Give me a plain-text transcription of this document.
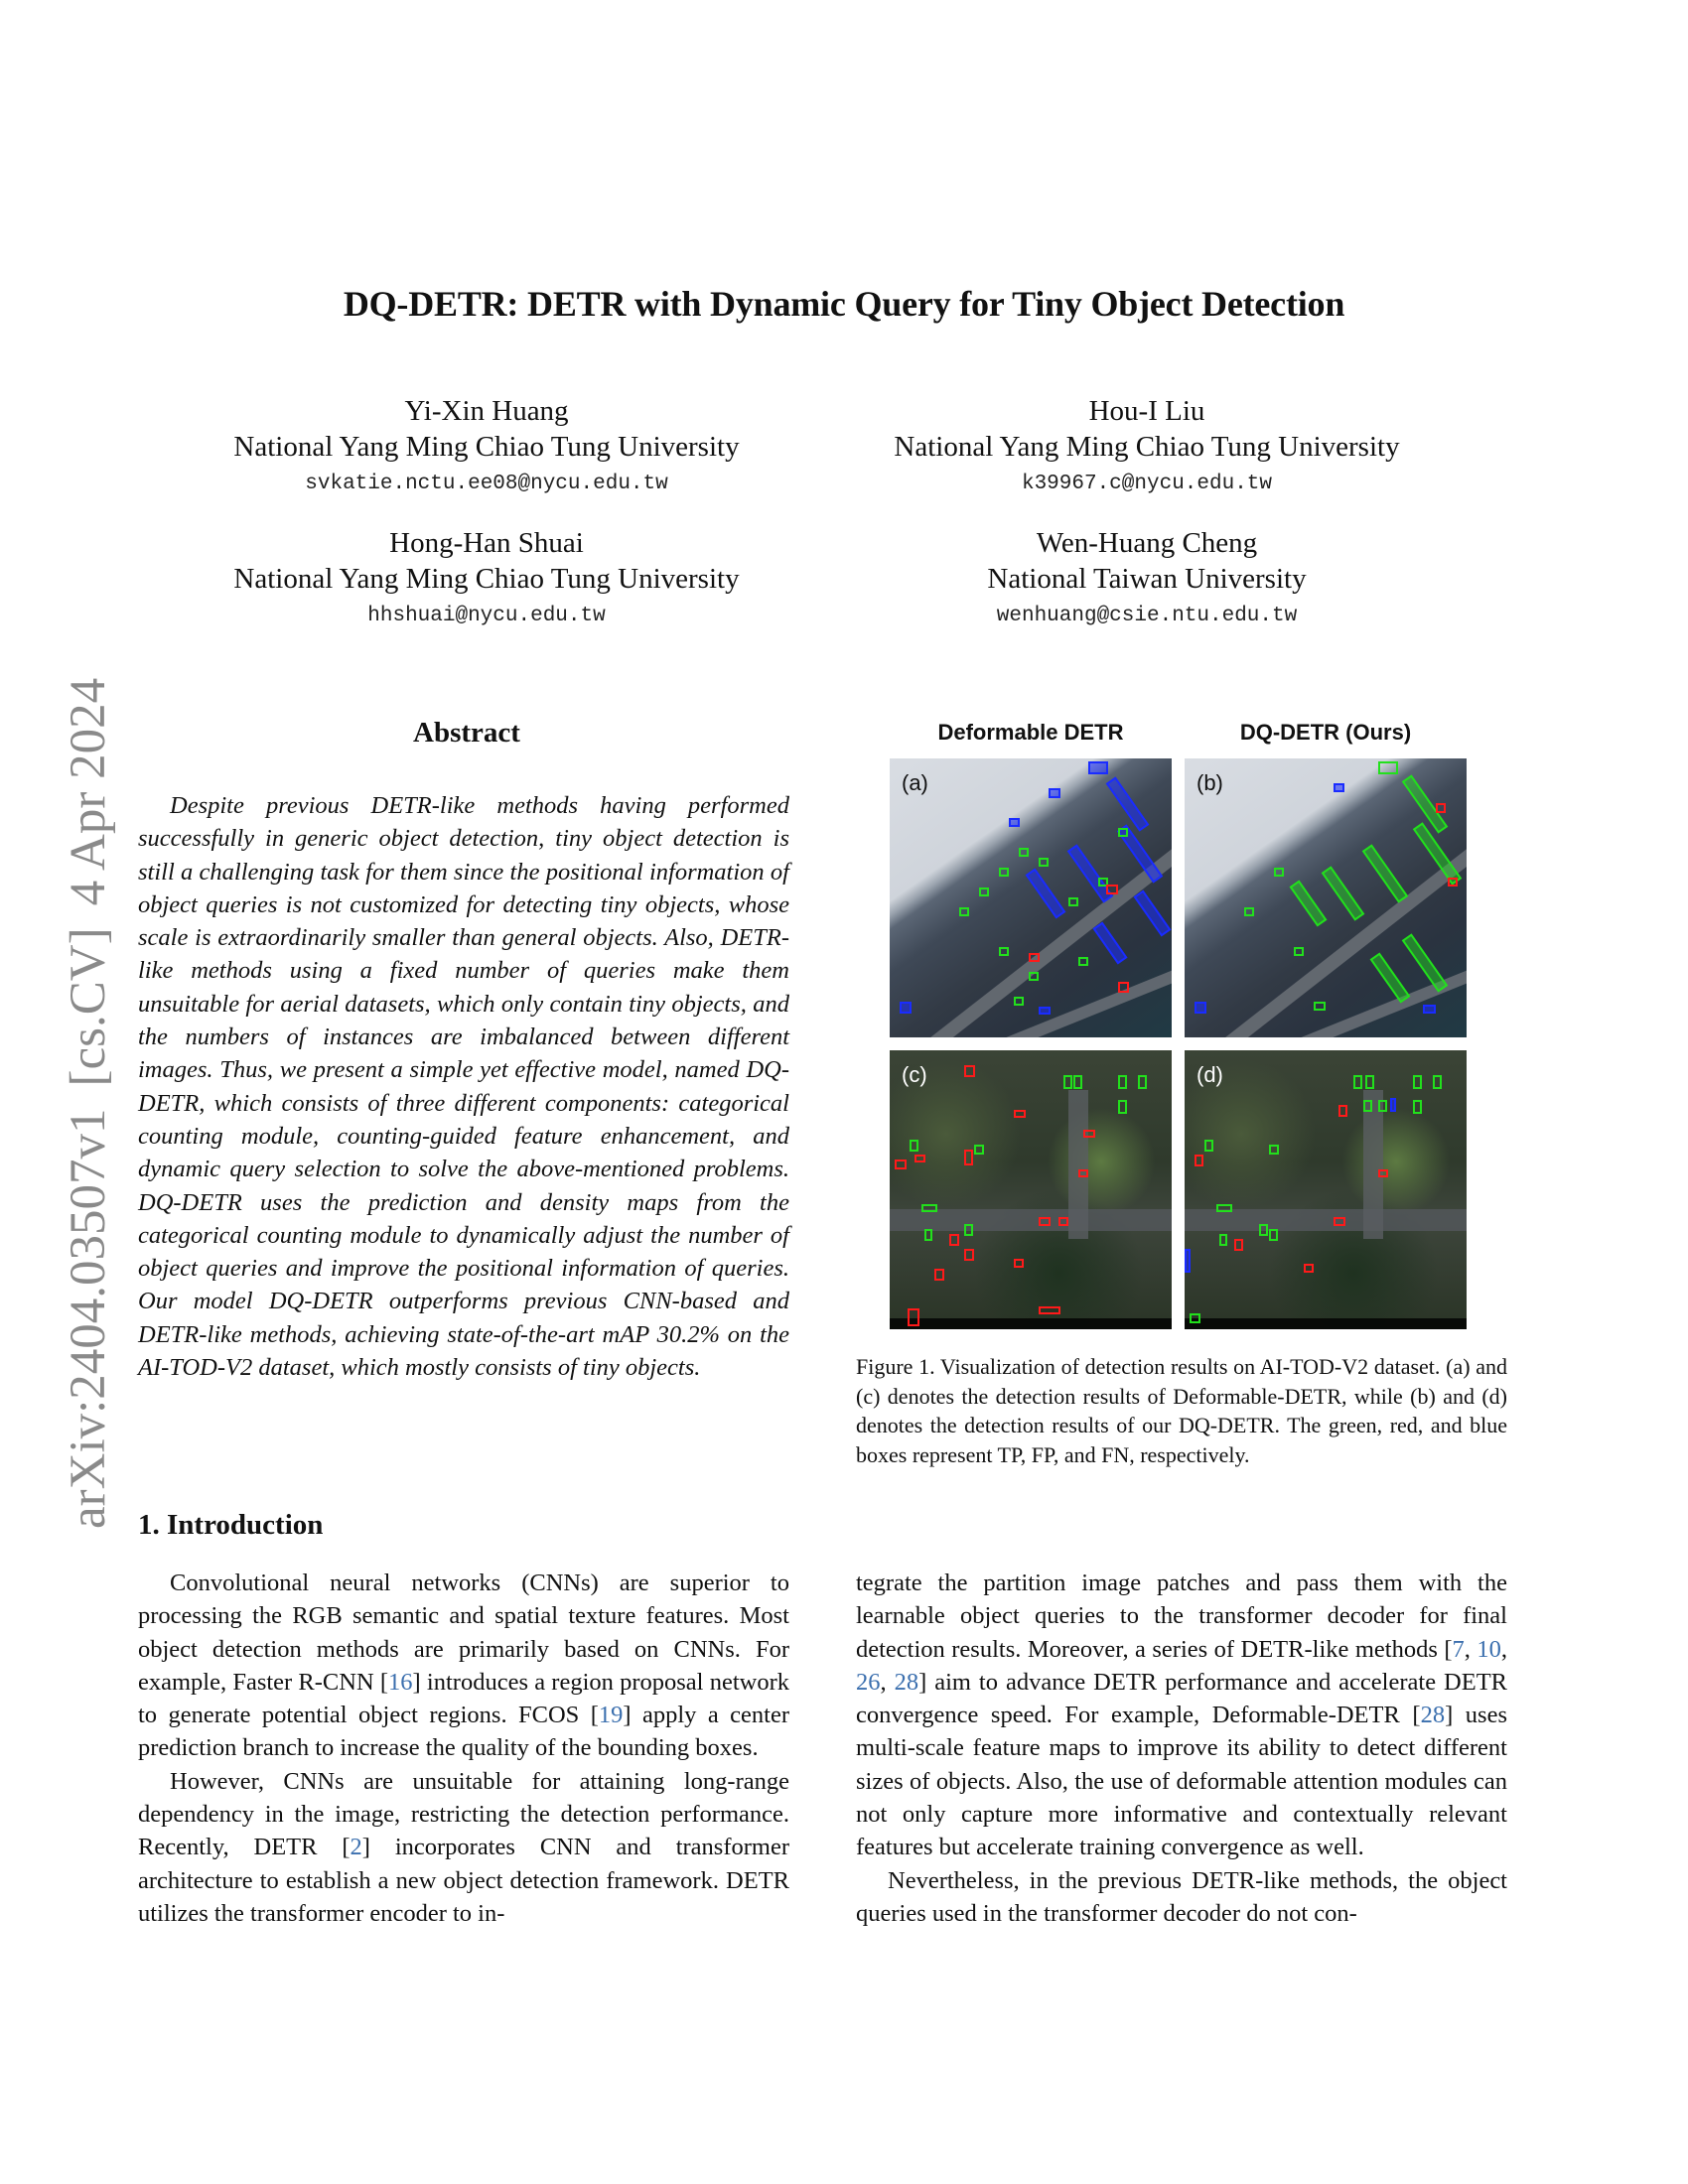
arXiv:2404.03507v1[cs.CV]4 Apr 2024
DQ-DETR: DETR with Dynamic Query for Tiny Object Detection
Yi-Xin Huang
National Yang Ming Chiao Tung University
svkatie.nctu.ee08@nycu.edu.tw
Hou-I Liu
National Yang Ming Chiao Tung University
k39967.c@nycu.edu.tw
Hong-Han Shuai
National Yang Ming Chiao Tung University
hhshuai@nycu.edu.tw
Wen-Huang Cheng
National Taiwan University
wenhuang@csie.ntu.edu.tw
Abstract

Despite previous DETR-like methods having performed successfully in generic object detection, tiny object detection is still a challenging task for them since the positional information of object queries is not customized for detecting tiny objects, whose scale is extraordinarily smaller than general objects. Also, DETR-like methods using a fixed number of queries make them unsuitable for aerial datasets, which only contain tiny objects, and the numbers of instances are imbalanced between different images. Thus, we present a simple yet effective model, named DQ-DETR, which consists of three different components: categorical counting module, counting-guided feature enhancement, and dynamic query selection to solve the above-mentioned problems. DQ-DETR uses the prediction and density maps from the categorical counting module to dynamically adjust the number of object queries and improve the positional information of queries. Our model DQ-DETR outperforms previous CNN-based and DETR-like methods, achieving state-of-the-art mAP 30.2% on the AI-TOD-V2 dataset, which mostly consists of tiny objects.

1. Introduction

Convolutional neural networks (CNNs) are superior to processing the RGB semantic and spatial texture features. Most object detection methods are primarily based on CNNs. For example, Faster R-CNN [16] introduces a region proposal network to generate potential object regions. FCOS [19] apply a center prediction branch to increase the quality of the bounding boxes.

However, CNNs are unsuitable for attaining long-range dependency in the image, restricting the detection performance. Recently, DETR [2] incorporates CNN and transformer architecture to establish a new object detection framework. DETR utilizes the transformer encoder to in-

tegrate the partition image patches and pass them with the learnable object queries to the transformer decoder for final detection results. Moreover, a series of DETR-like methods [7, 10, 26, 28] aim to advance DETR performance and accelerate DETR convergence speed. For example, Deformable-DETR [28] uses multi-scale feature maps to improve its ability to detect different sizes of objects. Also, the use of deformable attention modules can not only capture more informative and contextually relevant features but accelerate training convergence as well.

Nevertheless, in the previous DETR-like methods, the object queries used in the transformer decoder do not con-

Deformable DETR	DQ-DETR (Ours)
(a)	(b)
(c)	(d)
Figure 1. Visualization of detection results on AI-TOD-V2 dataset. (a) and (c) denotes the detection results of Deformable-DETR, while (b) and (d) denotes the detection results of our DQ-DETR. The green, red, and blue boxes represent TP, FP, and FN, respectively.
